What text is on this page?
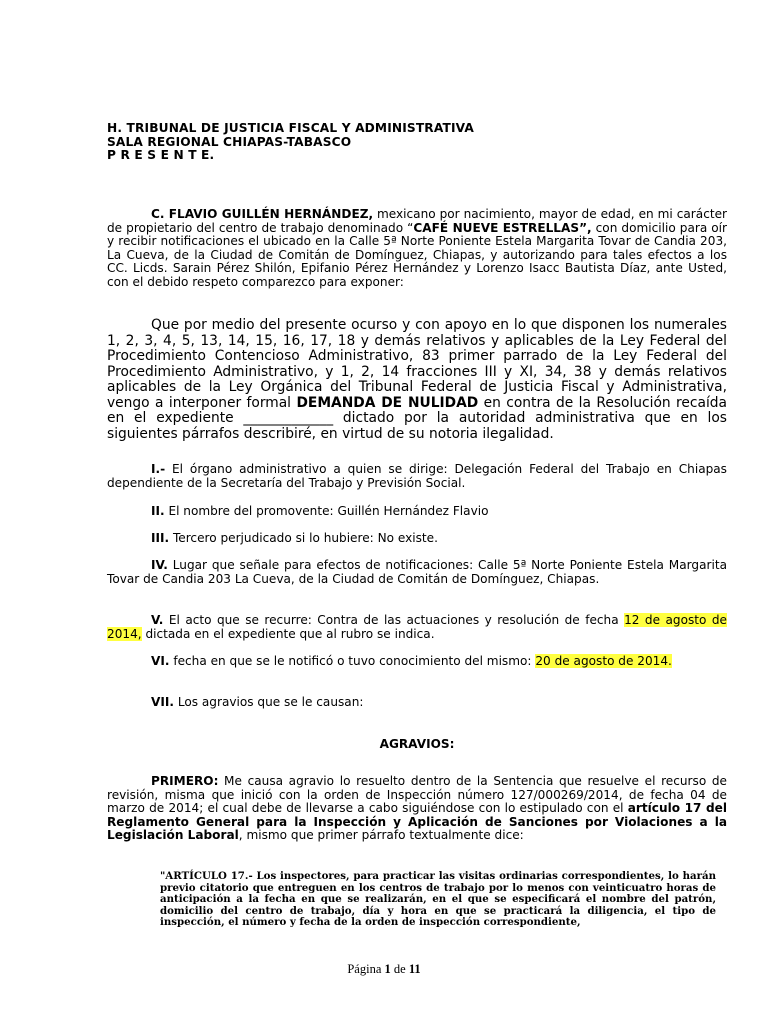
H. TRIBUNAL DE JUSTICIA FISCAL Y ADMINISTRATIVA
SALA REGIONAL CHIAPAS-TABASCO
P R E S E N T E.
C. FLAVIO GUILLÉN HERNÁNDEZ, mexicano por nacimiento, mayor de edad, en mi carácter de propietario del centro de trabajo denominado “CAFÉ NUEVE ESTRELLAS”, con domicilio para oír y recibir notificaciones el ubicado en la Calle 5ª Norte Poniente Estela Margarita Tovar de Candia 203, La Cueva, de la Ciudad de Comitán de Domínguez, Chiapas, y autorizando para tales efectos a los CC. Licds. Sarain Pérez Shilón, Epifanio Pérez Hernández y Lorenzo Isacc Bautista Díaz, ante Usted, con el debido respeto comparezco para exponer:
Que por medio del presente ocurso y con apoyo en lo que disponen los numerales 1, 2, 3, 4, 5, 13, 14, 15, 16, 17, 18 y demás relativos y aplicables de la Ley Federal del Procedimiento Contencioso Administrativo, 83 primer parrado de la Ley Federal del Procedimiento Administrativo, y 1, 2, 14 fracciones III y XI, 34, 38 y demás relativos aplicables de la Ley Orgánica del Tribunal Federal de Justicia Fiscal y Administrativa, vengo a interponer formal DEMANDA DE NULIDAD en contra de la Resolución recaída en el expediente _____________ dictado por la autoridad administrativa que en los siguientes párrafos describiré, en virtud de su notoria ilegalidad.
I.- El órgano administrativo a quien se dirige: Delegación Federal del Trabajo en Chiapas dependiente de la Secretaría del Trabajo y Previsión Social.
II. El nombre del promovente: Guillén Hernández Flavio
III. Tercero perjudicado si lo hubiere: No existe.
IV. Lugar que señale para efectos de notificaciones: Calle 5ª Norte Poniente Estela Margarita Tovar de Candia 203 La Cueva, de la Ciudad de Comitán de Domínguez, Chiapas.
V. El acto que se recurre: Contra de las actuaciones y resolución de fecha 12 de agosto de 2014, dictada en el expediente que al rubro se indica.
VI. fecha en que se le notificó o tuvo conocimiento del mismo: 20 de agosto de 2014.
VII. Los agravios que se le causan:
AGRAVIOS:
PRIMERO: Me causa agravio lo resuelto dentro de la Sentencia que resuelve el recurso de revisión, misma que inició con la orden de Inspección número 127/000269/2014, de fecha 04 de marzo de 2014; el cual debe de llevarse a cabo siguiéndose con lo estipulado con el artículo 17 del Reglamento General para la Inspección y Aplicación de Sanciones por Violaciones a la Legislación Laboral, mismo que primer párrafo textualmente dice:
"ARTÍCULO 17.- Los inspectores, para practicar las visitas ordinarias correspondientes, lo harán previo citatorio que entreguen en los centros de trabajo por lo menos con veinticuatro horas de anticipación a la fecha en que se realizarán, en el que se especificará el nombre del patrón, domicilio del centro de trabajo, día y hora en que se practicará la diligencia, el tipo de inspección, el número y fecha de la orden de inspección correspondiente,
Página 1 de 11
